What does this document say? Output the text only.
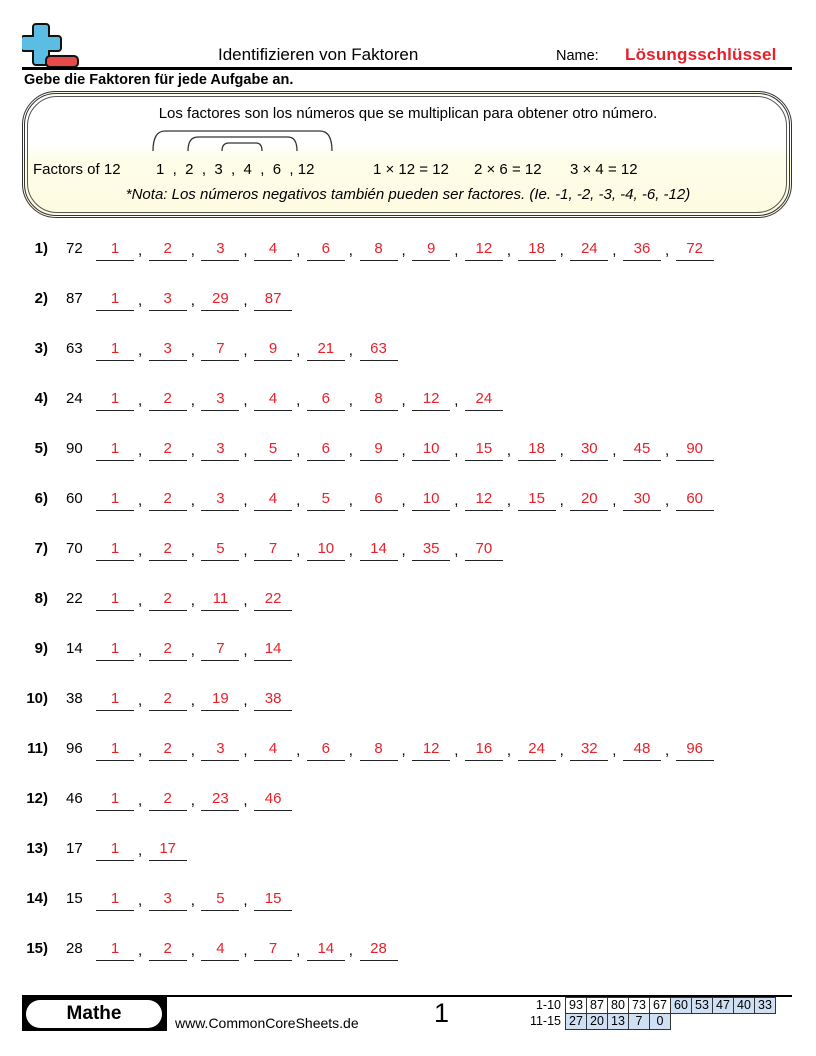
Identifizieren von Faktoren	Name: Lösungsschlüssel
Gebe die Faktoren für jede Aufgabe an.
Los factores son los números que se multiplican para obtener otro número.
Factors of 12 1  ,  2  ,  3  ,  4  ,  6  , 12	1 × 12 = 12 2 × 6 = 12 3 × 4 = 12
*Nota: Los números negativos también pueden ser factores. (Ie. -1, -2, -3, -4, -6, -12)
1) 72	1	,	2	,	3	,	4	,	6	,	8	,	9	,	12 ,	18 ,	24 ,	36 ,	72
2) 87	1	,	3	,	29 ,	87
3) 63	1	,	3	,	7	,	9	,	21 ,	63
4) 24	1	,	2	,	3	,	4	,	6	,	8	,	12 ,	24
5) 90	1	,	2	,	3	,	5	,	6	,	9	,	10 ,	15 ,	18 ,	30 ,	45 ,	90
6) 60	1	,	2	,	3	,	4	,	5	,	6	,	10 ,	12 ,	15 ,	20 ,	30 ,	60
7) 70	1	,	2	,	5	,	7	,	10 ,	14 ,	35 ,	70
8) 22	1	,	2	,	11	,	22
9) 14	1	,	2	,	7	,	14
10) 38	1	,	2	,	19 ,	38
11) 96	1	,	2	,	3	,	4	,	6	,	8	,	12 ,	16 ,	24 ,	32 ,	48 ,	96
12) 46	1	,	2	,	23 ,	46
13) 17	1	,	17
14) 15	1	,	3	,	5	,	15
15) 28	1	,	2	,	4	,	7	,	14 ,	28
Mathe	www.CommonCoreSheets.de	1	1-10	93	87	80	73	67	60	53	47	40	33
11-15	27	20	13	7	0					
